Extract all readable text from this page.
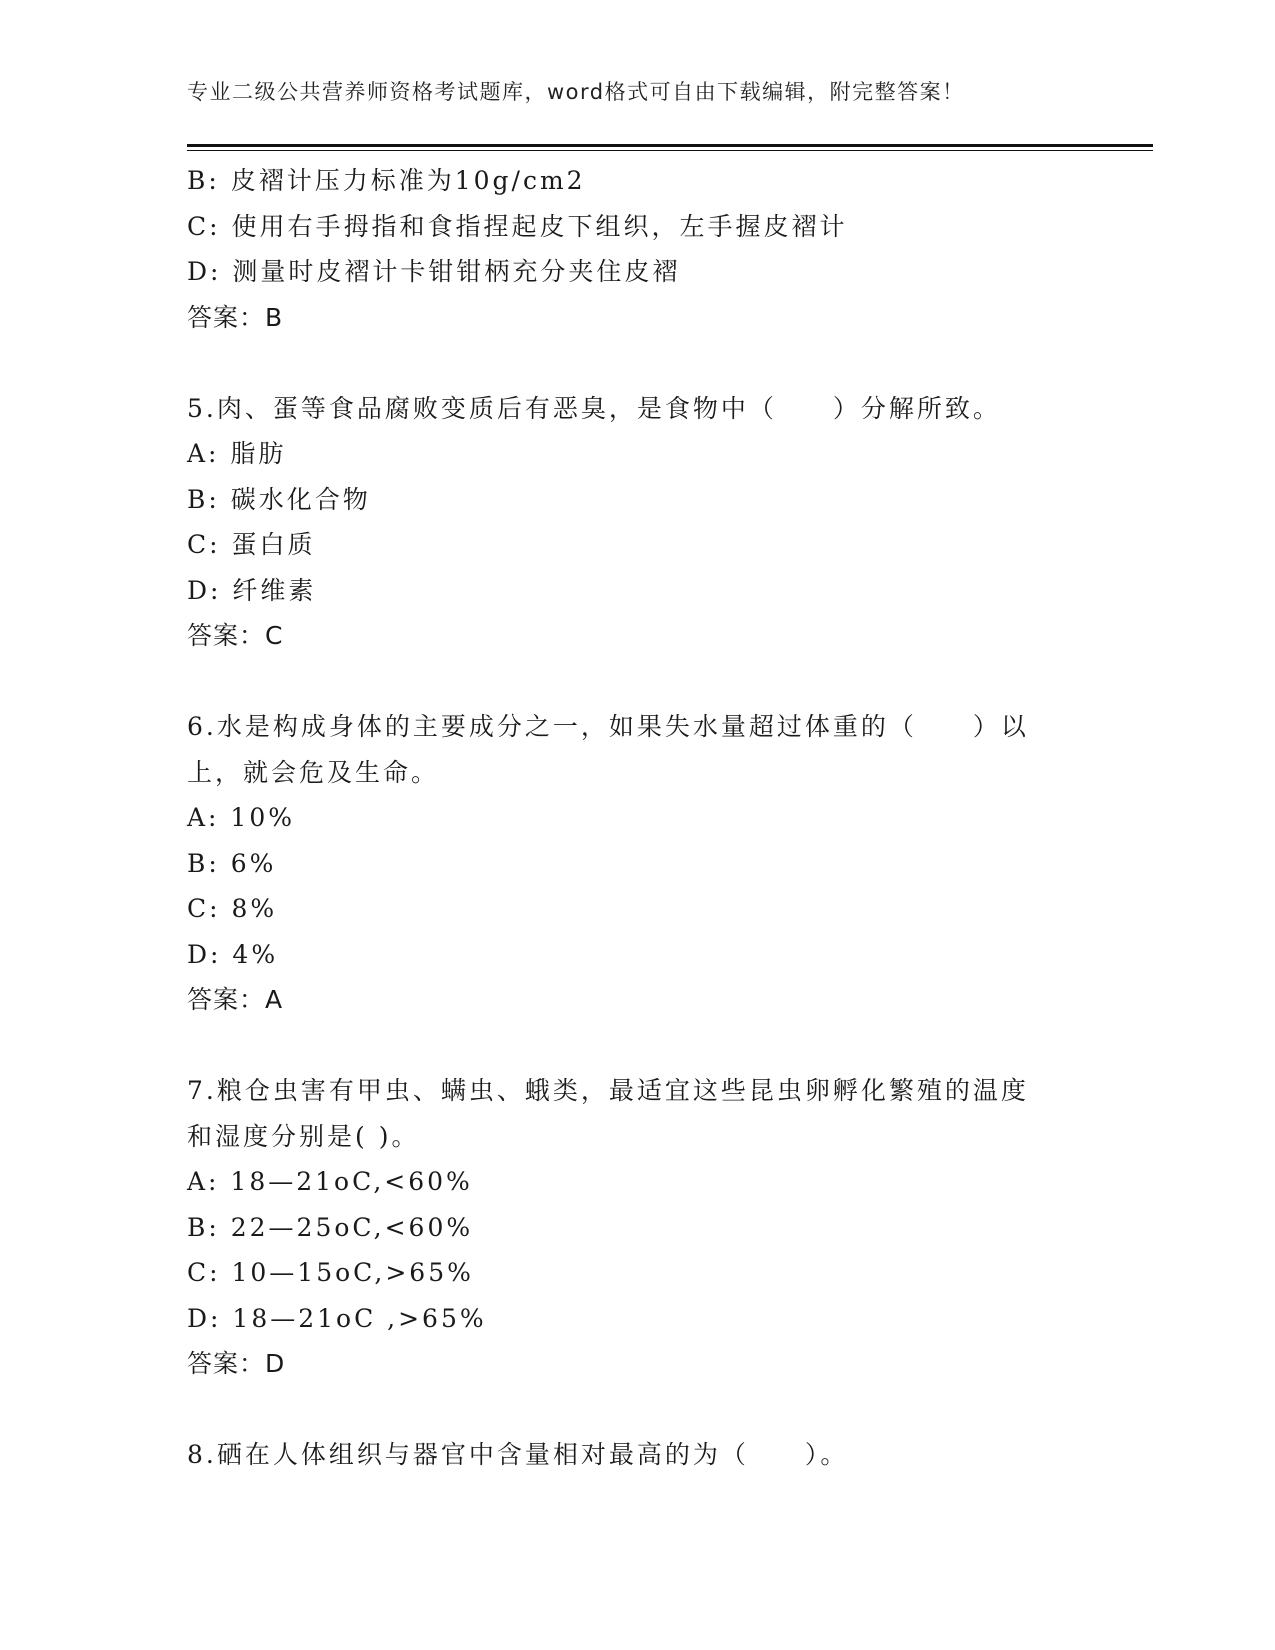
专业二级公共营养师资格考试题库，word格式可自由下载编辑，附完整答案！
B: 皮褶计压力标准为10g/cm2
C: 使用右手拇指和食指捏起皮下组织，左手握皮褶计
D: 测量时皮褶计卡钳钳柄充分夹住皮褶
答案：B
5.肉、蛋等食品腐败变质后有恶臭，是食物中（　　）分解所致。
A: 脂肪
B: 碳水化合物
C: 蛋白质
D: 纤维素
答案：C
6.水是构成身体的主要成分之一，如果失水量超过体重的（　　）以
上，就会危及生命。
A: 10%
B: 6%
C: 8%
D: 4%
答案：A
7.粮仓虫害有甲虫、螨虫、蛾类，最适宜这些昆虫卵孵化繁殖的温度
和湿度分别是( )。
A: 18—21oC,<60%
B: 22—25oC,<60%
C: 10—15oC,>65%
D: 18—21oC ,>65%
答案：D
8.硒在人体组织与器官中含量相对最高的为（　　）。
